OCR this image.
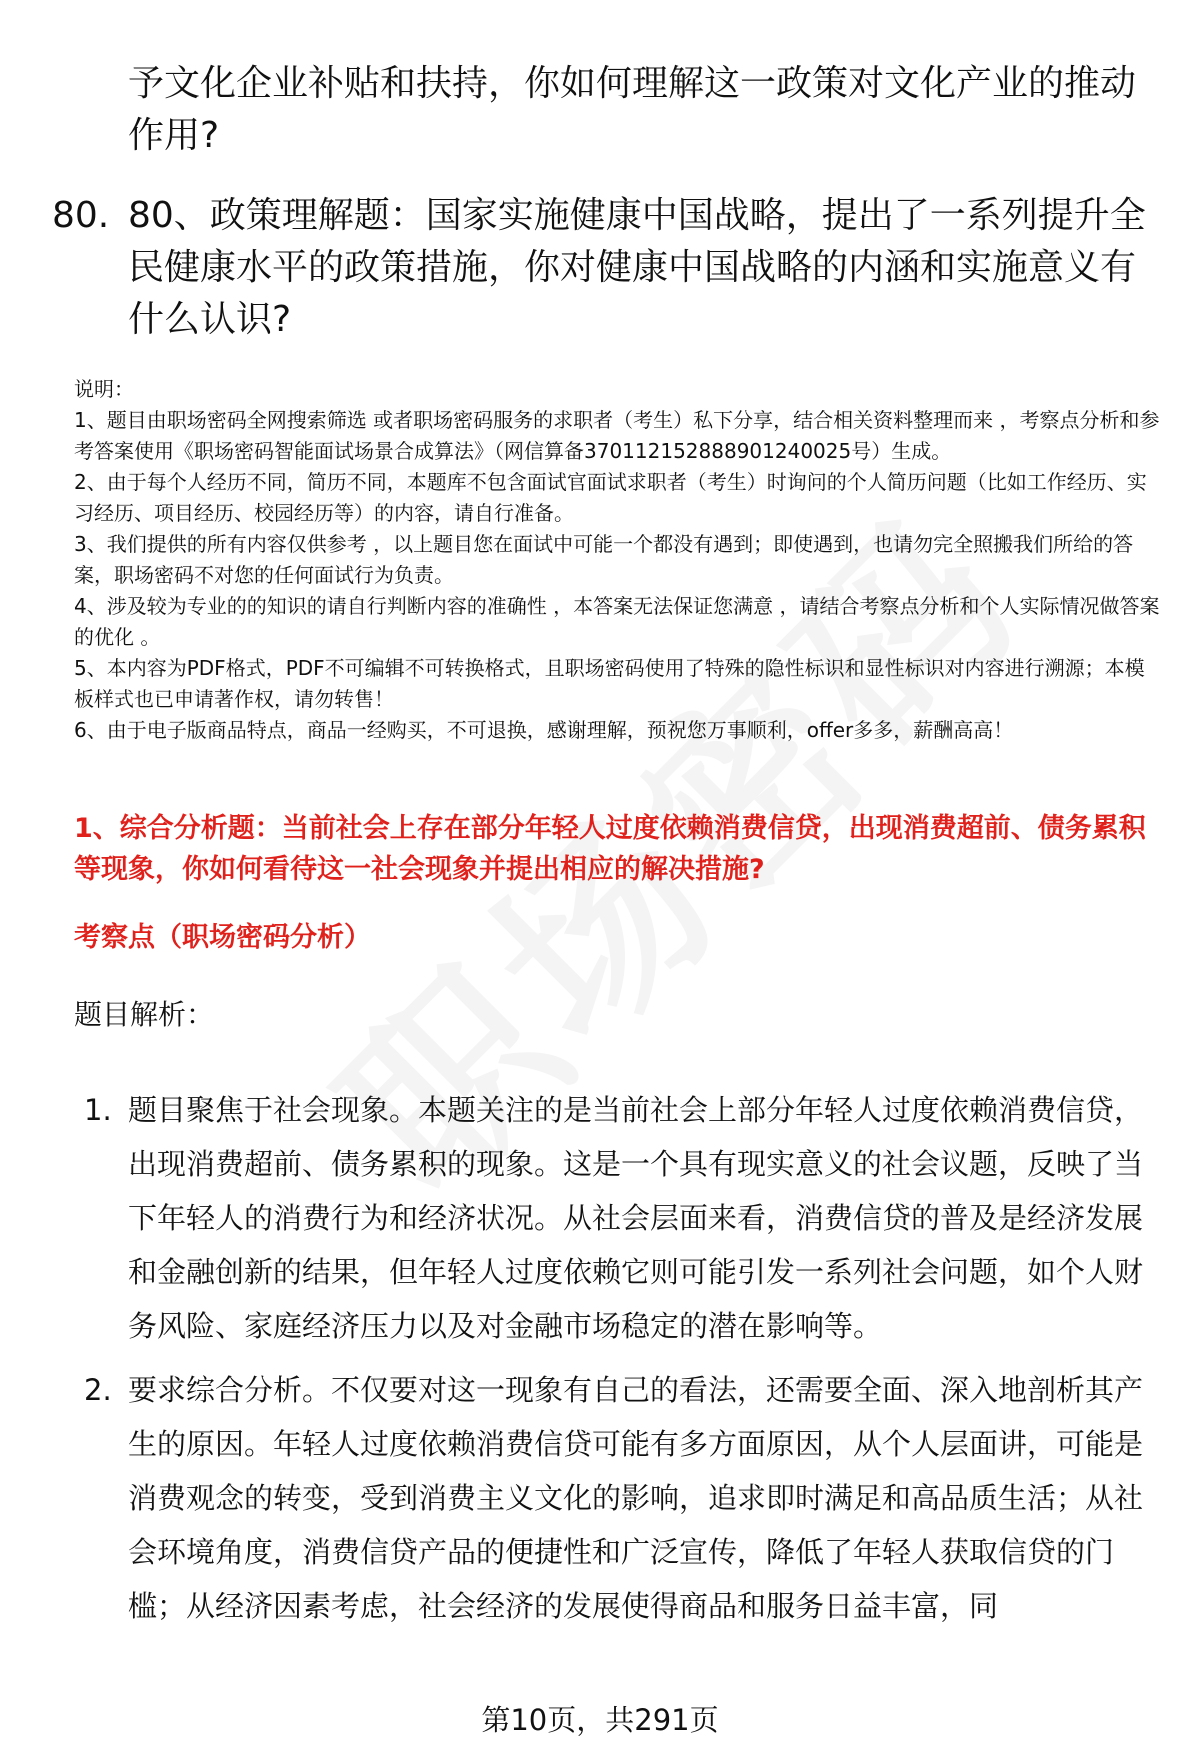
予文化企业补贴和扶持，你如何理解这一政策对文化产业的推动作用?
80. 80、政策理解题：国家实施健康中国战略，提出了一系列提升全民健康水平的政策措施，你对健康中国战略的内涵和实施意义有什么认识?
说明：
1、题目由职场密码全网搜索筛选 或者职场密码服务的求职者（考生）私下分享，结合相关资料整理而来 ，考察点分析和参考答案使用《职场密码智能面试场景合成算法》（网信算备370112152888901240025号）生成。
2、由于每个人经历不同，简历不同，本题库不包含面试官面试求职者（考生）时询问的个人简历问题（比如工作经历、实习经历、项目经历、校园经历等）的内容，请自行准备。
3、我们提供的所有内容仅供参考 ，以上题目您在面试中可能一个都没有遇到；即使遇到，也请勿完全照搬我们所给的答案，职场密码不对您的任何面试行为负责。
4、涉及较为专业的的知识的请自行判断内容的准确性 ，本答案无法保证您满意 ，请结合考察点分析和个人实际情况做答案的优化 。
5、本内容为PDF格式，PDF不可编辑不可转换格式，且职场密码使用了特殊的隐性标识和显性标识对内容进行溯源；本模板样式也已申请著作权，请勿转售！
6、由于电子版商品特点，商品一经购买，不可退换，感谢理解，预祝您万事顺利，offer多多，薪酬高高！
1、综合分析题：当前社会上存在部分年轻人过度依赖消费信贷，出现消费超前、债务累积等现象，你如何看待这一社会现象并提出相应的解决措施?
考察点（职场密码分析）
题目解析：
1. 题目聚焦于社会现象。本题关注的是当前社会上部分年轻人过度依赖消费信贷，出现消费超前、债务累积的现象。这是一个具有现实意义的社会议题，反映了当下年轻人的消费行为和经济状况。从社会层面来看，消费信贷的普及是经济发展和金融创新的结果，但年轻人过度依赖它则可能引发一系列社会问题，如个人财务风险、家庭经济压力以及对金融市场稳定的潜在影响等。
2. 要求综合分析。不仅要对这一现象有自己的看法，还需要全面、深入地剖析其产生的原因。年轻人过度依赖消费信贷可能有多方面原因，从个人层面讲，可能是消费观念的转变，受到消费主义文化的影响，追求即时满足和高品质生活；从社会环境角度，消费信贷产品的便捷性和广泛宣传，降低了年轻人获取信贷的门槛；从经济因素考虑，社会经济的发展使得商品和服务日益丰富，同
第10页，共291页
